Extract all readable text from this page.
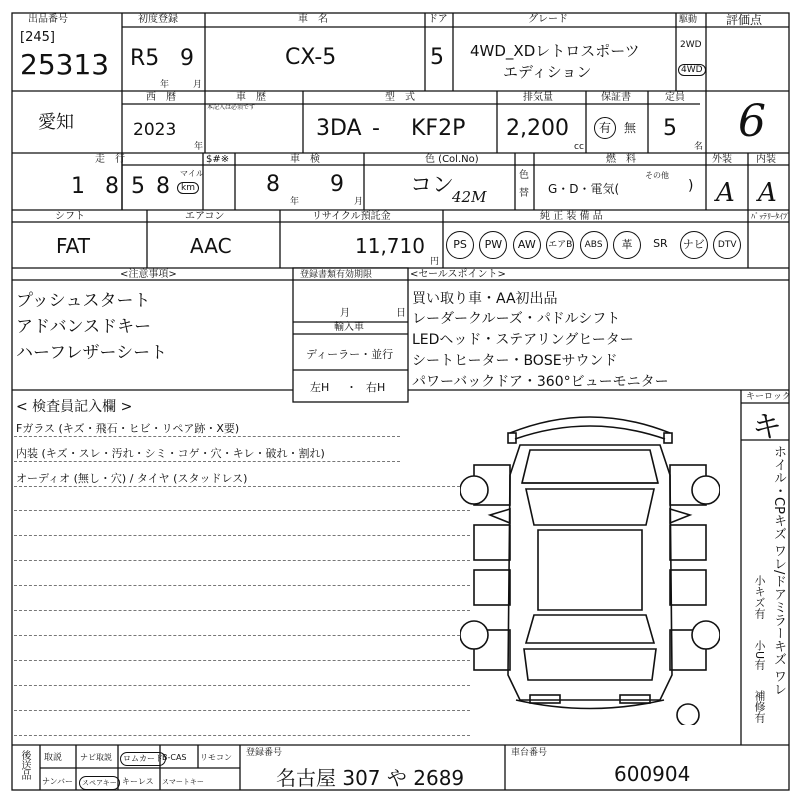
出品番号
[245]
25313
初度登録
R5 9
年	月
車　名
CX-5
ドア
5
グレード
4WD_XDレトロスポーツ
エディション
駆動
2WD
4WD
評価点
6
愛知
西　暦
2023
年
車　歴
本記入は必須です
型　式
3DA - KF2P
排気量
2,200
cc
保証書
有	無
定員
5
名
走　行
1 8 5 8
マイル
km
$#※	車　検
8 9
年	月
色 (Col.No)
コン
42M
色
替
燃　料
G・D・電気(
その他
)
外装
A
内装
A
シフト
FAT
エアコン
AAC
リサイクル預託金
11,710
円
純 正 装 備 品	ﾊﾞｯﾃﾘｰﾀｲﾌﾟ
PS	PW	AW	エアB	ABS	革	SR	ナビ	DTV
<注意事項>
プッシュスタート
アドバンスドキー
ハーフレザーシート
登録書類有効期限
月	日
輸入車
ディーラー・並行
左H ・ 右H
<セールスポイント>
買い取り車・AA初出品
レーダークルーズ・パドルシフト
LEDヘッド・ステアリングヒーター
シートヒーター・BOSEサウンド
パワーバックドア・360°ビューモニター
< 検査員記入欄 >
Fガラス (キズ・飛石・ヒビ・リペア跡・X要)
内装 (キズ・スレ・汚れ・シミ・コゲ・穴・キレ・破れ・割れ)
オーディオ (無し・穴) / タイヤ (スタッドレス)
キーロック
キ
ホイル・CPキズ ワレ/ドアミラーキズ ワレ
小キズ有
小U有
補修有
後送品 取説 ナビ取説	ロムカード B-CAS リモコン
ナンバー	スペアキー キーレス スマートキー
登録番号
名古屋 307 や 2689
車台番号
600904
